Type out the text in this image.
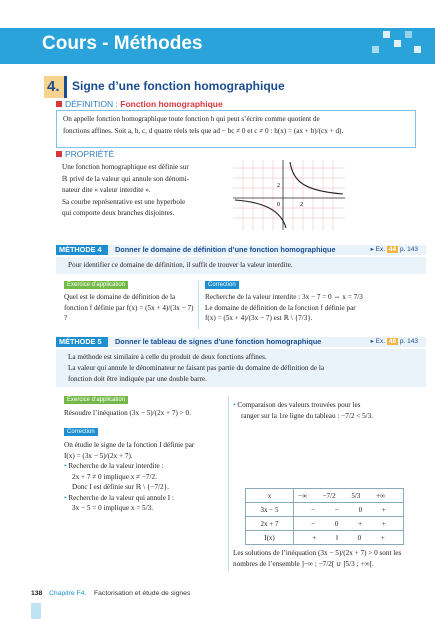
Cours - Méthodes
4.	Signe d’une fonction homographique
DÉFINITION : Fonction homographique
On appelle fonction homographique toute fonction h qui peut s’écrire comme quotient de
fonctions affines. Soit a, b, c, d quatre réels tels que ad − bc ≠ 0 et c ≠ 0 : h(x) = (ax + b)/(cx + d).
PROPRIÉTÉ
Une fonction homographique est définie sur
ℝ privé de la valeur qui annule son dénomi-
nateur dite « valeur interdite ».
Sa courbe représentative est une hyperbole
qui comporte deux branches disjointes.
2
0	2
MÉTHODE 4	Donner le domaine de définition d’une fonction homographique	▸ Ex. 44 p. 143
Pour identifier ce domaine de définition, il suffit de trouver la valeur interdite.
Exercice d’application
Quel est le domaine de définition de la
fonction f définie par f(x) = (5x + 4)/(3x − 7) ?
Correction
Recherche de la valeur interdite : 3x − 7 = 0 ⇔ x = 7/3
Le domaine de définition de la fonction f définie par
f(x) = (5x + 4)/(3x − 7) est ℝ \ {7/3}.
MÉTHODE 5	Donner le tableau de signes d’une fonction homographique	▸ Ex. 48 p. 143
La méthode est similaire à celle du produit de deux fonctions affines.
La valeur qui annule le dénominateur ne faisant pas partie du domaine de définition de la
fonction doit être indiquée par une double barre.
Exercice d’application
Résoudre l’inéquation (3x − 5)/(2x + 7) > 0.
Correction
On étudie le signe de la fonction I définie par
I(x) = (3x − 5)/(2x + 7).
• Recherche de la valeur interdite :
2x + 7 ≠ 0 implique x ≠ −7/2.
Donc I est définie sur ℝ \ {−7/2}.
• Recherche de la valeur qui annule I :
3x − 5 = 0 implique x = 5/3.
• Comparaison des valeurs trouvées pour les
ranger sur la 1re ligne du tableau : −7/2 < 5/3.
x	−∞ −7/2 5/3 +∞
3x − 5	− − 0 +
2x + 7	− 0 + +
I(x)	+ ‖ 0 +
Les solutions de l’inéquation (3x − 5)/(2x + 7) > 0 sont les
nombres de l’ensemble ]−∞ ; −7/2[ ∪ ]5/3 ; +∞[.
138 Chapitre F4. Factorisation et étude de signes
